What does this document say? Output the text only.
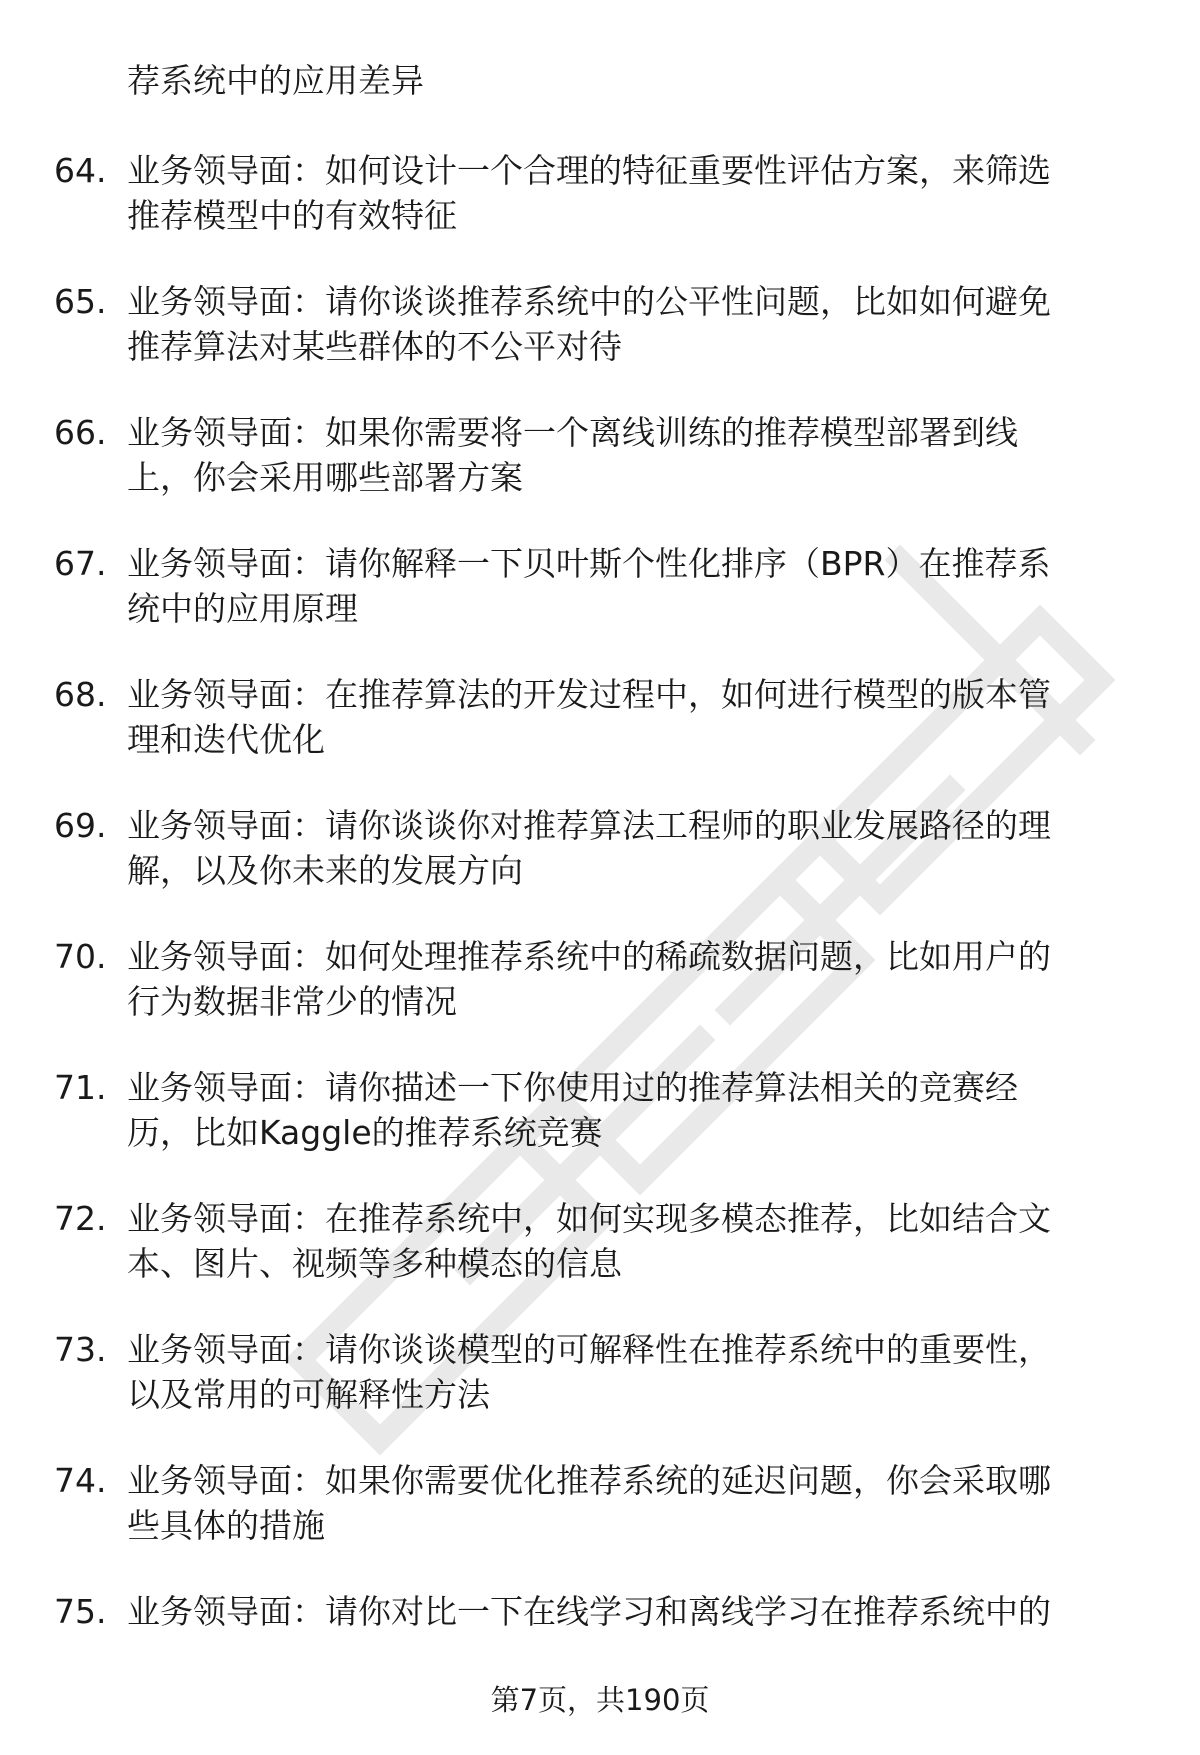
荐系统中的应用差异

64. 业务领导面：如何设计一个合理的特征重要性评估方案，来筛选
推荐模型中的有效特征
65. 业务领导面：请你谈谈推荐系统中的公平性问题，比如如何避免
推荐算法对某些群体的不公平对待
66. 业务领导面：如果你需要将一个离线训练的推荐模型部署到线
上，你会采用哪些部署方案
67. 业务领导面：请你解释一下贝叶斯个性化排序（BPR）在推荐系
统中的应用原理
68. 业务领导面：在推荐算法的开发过程中，如何进行模型的版本管
理和迭代优化
69. 业务领导面：请你谈谈你对推荐算法工程师的职业发展路径的理
解，以及你未来的发展方向
70. 业务领导面：如何处理推荐系统中的稀疏数据问题，比如用户的
行为数据非常少的情况
71. 业务领导面：请你描述一下你使用过的推荐算法相关的竞赛经
历，比如Kaggle的推荐系统竞赛
72. 业务领导面：在推荐系统中，如何实现多模态推荐，比如结合文
本、图片、视频等多种模态的信息
73. 业务领导面：请你谈谈模型的可解释性在推荐系统中的重要性，
以及常用的可解释性方法
74. 业务领导面：如果你需要优化推荐系统的延迟问题，你会采取哪
些具体的措施
75. 业务领导面：请你对比一下在线学习和离线学习在推荐系统中的
第7页，共190页
